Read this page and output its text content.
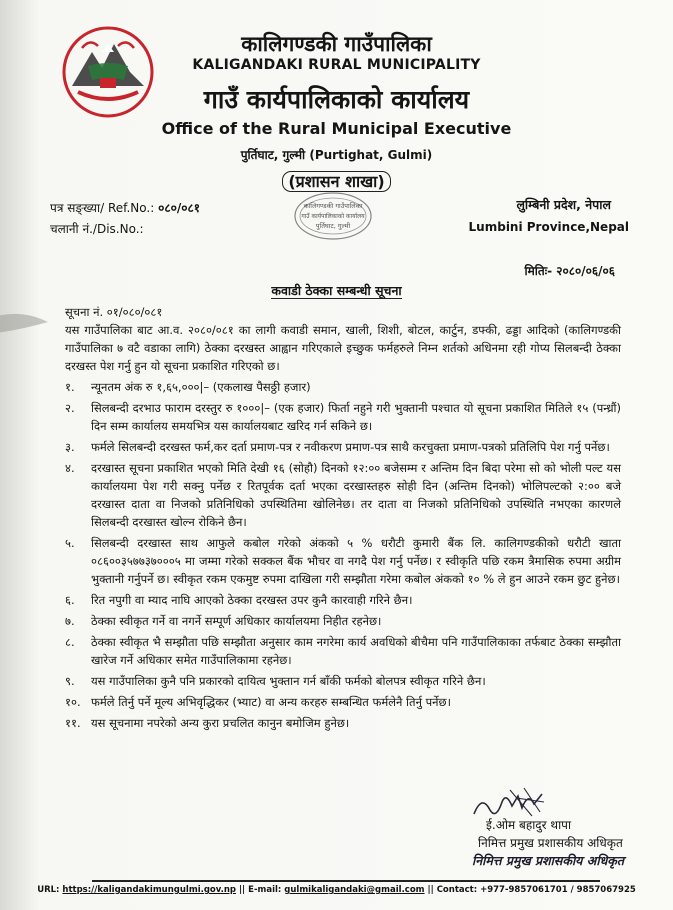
कालिगण्डकी गाउँपालिका

KALIGANDAKI RURAL MUNICIPALITY

गाउँ कार्यपालिकाको कार्यालय

Office of the Rural Municipal Executive

पुर्तिघाट, गुल्मी (Purtighat, Gulmi)

(प्रशासन शाखा)

कालिगण्डकी गाउँपालिका
गाउँ कार्यपालिकाको कार्यालय
पुर्तिघाट, गुल्मी

पत्र सङ्ख्या/ Ref.No.: ०८०/०८१

चलानी नं./Dis.No.:

लुम्बिनी प्रदेश, नेपाल

Lumbini Province,Nepal

मितिः- २०८०/०६/०६

कवाडी ठेक्का सम्बन्धी सूचना

सूचना नं. ०१/०८०/०८१

यस गाउँपालिका बाट आ.व. २०८०/०८१ का लागी कवाडी समान, खाली, शिशी, बोटल, कार्टुन, डफ्की, ढड्डा आदिको (कालिगण्डकी गाउँपालिका ७ वटै वडाका लागि) ठेक्का दरखस्त आह्वान गरिएकाले इच्छुक फर्महरुले निम्न शर्तको अधिनमा रही गोप्य सिलबन्दी ठेक्का दरखस्त पेश गर्नु हुन यो सूचना प्रकाशित गरिएको छ।

१. न्यूनतम अंक रु १,६५,०००|– (एकलाख पैसठ्ठी हजार)
२. सिलबन्दी दरभाउ फाराम दरस्तुर रु १०००|– (एक हजार) फिर्ता नहुने गरी भुक्तानी पश्चात यो सूचना प्रकाशित मितिले १५ (पन्ध्रौं) दिन सम्म कार्यालय समयभित्र यस कार्यालयबाट खरिद गर्न सकिने छ।
३. फर्मले सिलबन्दी दरखस्त फर्म,कर दर्ता प्रमाण-पत्र र नवीकरण प्रमाण-पत्र साथै करचुक्ता प्रमाण-पत्रको प्रतिलिपि पेश गर्नु पर्नेछ।
४. दरखास्त सूचना प्रकाशित भएको मिति देखी १६ (सोहौ) दिनको १२:०० बजेसम्म र अन्तिम दिन बिदा परेमा सो को भोली पल्ट यस कार्यालयमा पेश गरी सक्नु पर्नेछ र रितपूर्वक दर्ता भएका दरखास्तहरु सोही दिन (अन्तिम दिनको) भोलिपल्टको २:०० बजे दरखास्त दाता वा निजको प्रतिनिधिको उपस्थितिमा खोलिनेछ। तर दाता वा निजको प्रतिनिधिको उपस्थिति नभएका कारणले सिलबन्दी दरखास्त खोल्न रोकिने छैन।
५. सिलबन्दी दरखास्त साथ आफुले कबोल गरेको अंकको ५ % धरौटी कुमारी बैंक लि. कालिगण्डकीको धरौटी खाता ०८६००३५७७३७०००५ मा जम्मा गरेको सक्कल बैंक भौचर वा नगदै पेश गर्नु पर्नेछ। र स्वीकृति पछि रकम त्रैमासिक रुपमा अग्रीम भुक्तानी गर्नुपर्ने छ। स्वीकृत रकम एकमुष्ट रुपमा दाखिला गरी सम्झौता गरेमा कबोल अंकको १० % ले हुन आउने रकम छुट हुनेछ।
६. रित नपुगी वा म्याद नाघि आएको ठेक्का दरखस्त उपर कुनै कारवाही गरिने छैन।
७. ठेक्का स्वीकृत गर्ने वा नगर्ने सम्पूर्ण अधिकार कार्यालयमा निहीत रहनेछ।
८. ठेक्का स्वीकृत भै सम्झौता पछि सम्झौता अनुसार काम नगरेमा कार्य अवधिको बीचैमा पनि गाउँपालिकाका तर्फबाट ठेक्का सम्झौता खारेज गर्ने अधिकार समेत गाउँपालिकामा रहनेछ।
९. यस गाउँपालिका कुनै पनि प्रकारको दायित्व भुक्तान गर्न बाँकी फर्मको बोलपत्र स्वीकृत गरिने छैन।
१०. फर्मले तिर्नु पर्ने मूल्य अभिवृद्धिकर (भ्याट) वा अन्य करहरु सम्बन्धित फर्मलेनै तिर्नु पर्नेछ।
११. यस सूचनामा नपरेको अन्य कुरा प्रचलित कानुन बमोजिम हुनेछ।

ई.ओम बहादुर थापा

निमित्त प्रमुख प्रशासकीय अधिकृत

निमित्त प्रमुख प्रशासकीय अधिकृत

URL: https://kaligandakimungulmi.gov.np || E-mail: gulmikaligandaki@gmail.com || Contact: +977-9857061701 / 9857067925
